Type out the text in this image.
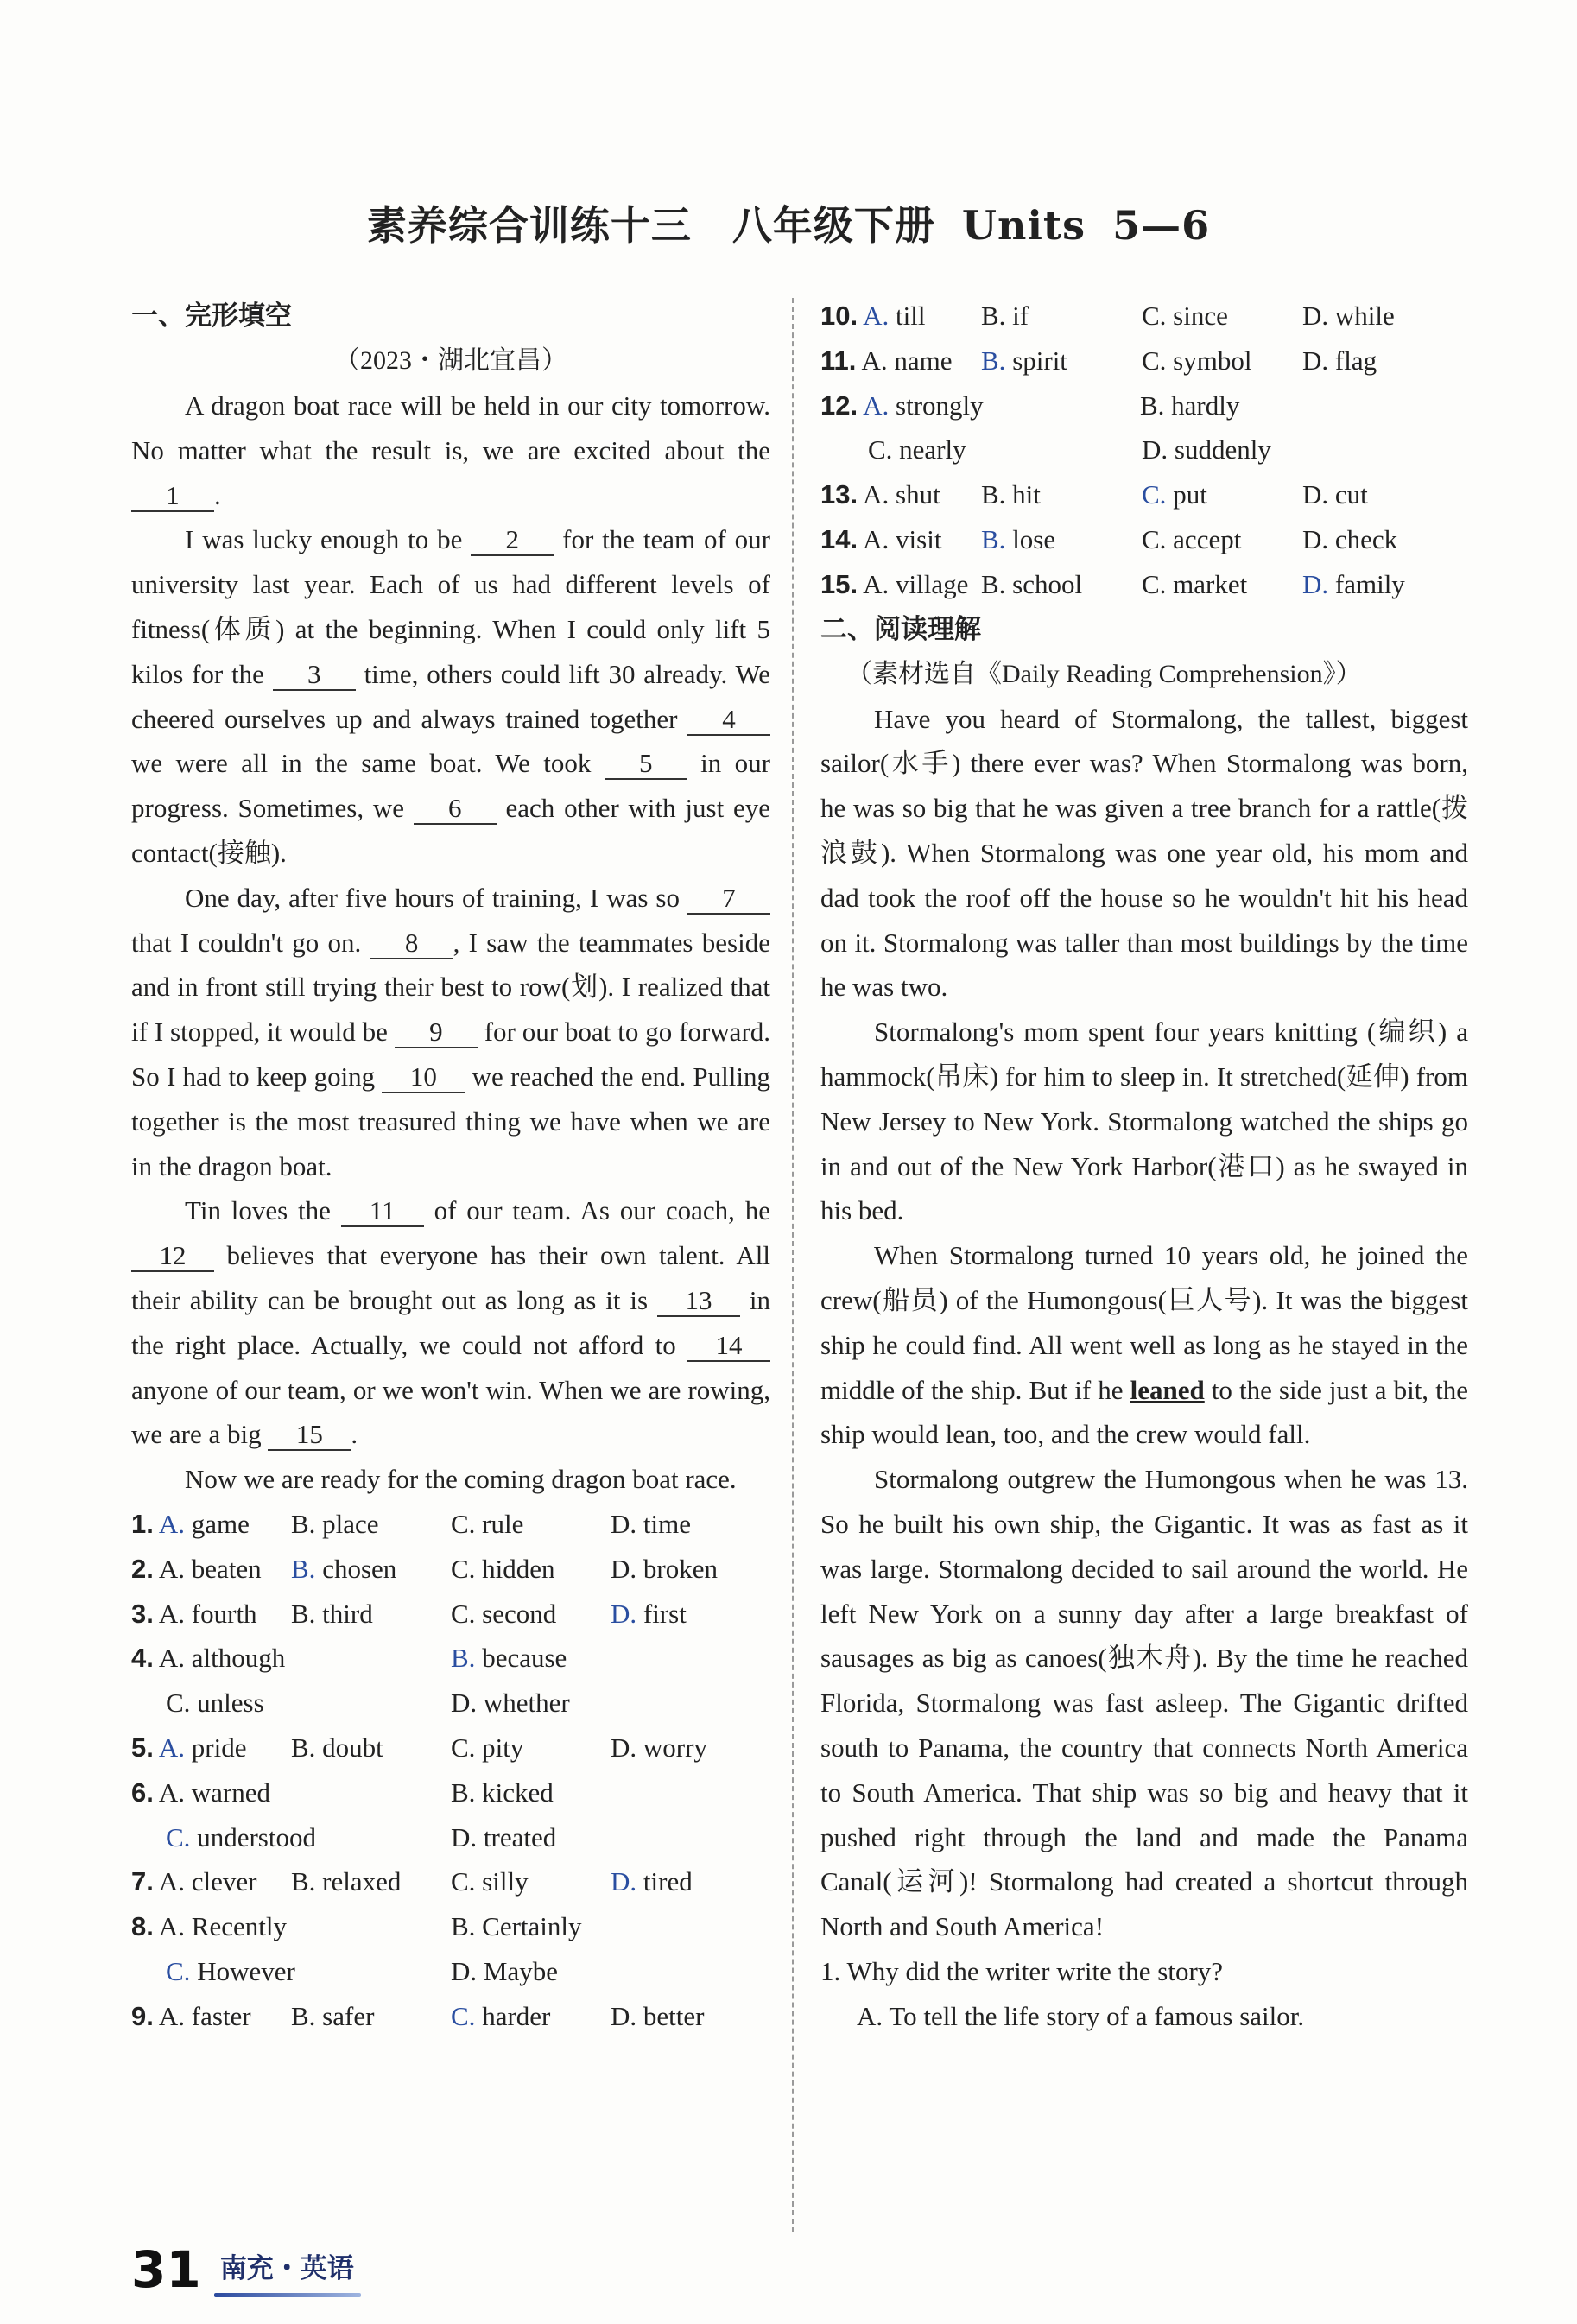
素养综合训练十三　八年级下册 Units 5—6
一、完形填空
（2023・湖北宜昌）

A dragon boat race will be held in our city tomorrow. No matter what the result is, we are excited about the 1 .

I was lucky enough to be 2 for the team of our university last year. Each of us had different levels of fitness(体质) at the beginning. When I could only lift 5 kilos for the 3 time, others could lift 30 already. We cheered ourselves up and always trained together 4 we were all in the same boat. We took 5 in our progress. Sometimes, we 6 each other with just eye contact(接触).

One day, after five hours of training, I was so 7 that I couldn't go on. 8 , I saw the teammates beside and in front still trying their best to row(划). I realized that if I stopped, it would be 9 for our boat to go forward. So I had to keep going 10 we reached the end. Pulling together is the most treasured thing we have when we are in the dragon boat.

Tin loves the 11 of our team. As our coach, he 12 believes that everyone has their own talent. All their ability can be brought out as long as it is 13 in the right place. Actually, we could not afford to 14 anyone of our team, or we won't win. When we are rowing, we are a big 15 .

Now we are ready for the coming dragon boat race.

1. A. game	B. place	C. rule	D. time
2. A. beaten	B. chosen	C. hidden	D. broken
3. A. fourth	B. third	C. second	D. first
4. A. although	B. because
C. unless	D. whether
5. A. pride	B. doubt	C. pity	D. worry
6. A. warned	B. kicked
C. understood	D. treated
7. A. clever	B. relaxed	C. silly	D. tired
8. A. Recently	B. Certainly
C. However	D. Maybe
9. A. faster	B. safer	C. harder	D. better
10. A. till	B. if	C. since	D. while
11. A. name	B. spirit	C. symbol	D. flag
12. A. strongly	B. hardly
C. nearly	D. suddenly
13. A. shut	B. hit	C. put	D. cut
14. A. visit	B. lose	C. accept	D. check
15. A. village B. school	C. market	D. family
二、阅读理解
（素材选自《Daily Reading Comprehension》）

Have you heard of Stormalong, the tallest, biggest sailor(水手) there ever was? When Stormalong was born, he was so big that he was given a tree branch for a rattle(拨浪鼓). When Stormalong was one year old, his mom and dad took the roof off the house so he wouldn't hit his head on it. Stormalong was taller than most buildings by the time he was two.

Stormalong's mom spent four years knitting (编织) a hammock(吊床) for him to sleep in. It stretched(延伸) from New Jersey to New York. Stormalong watched the ships go in and out of the New York Harbor(港口) as he swayed in his bed.

When Stormalong turned 10 years old, he joined the crew(船员) of the Humongous(巨人号). It was the biggest ship he could find. All went well as long as he stayed in the middle of the ship. But if he leaned to the side just a bit, the ship would lean, too, and the crew would fall.

Stormalong outgrew the Humongous when he was 13. So he built his own ship, the Gigantic. It was as fast as it was large. Stormalong decided to sail around the world. He left New York on a sunny day after a large breakfast of sausages as big as canoes(独木舟). By the time he reached Florida, Stormalong was fast asleep. The Gigantic drifted south to Panama, the country that connects North America to South America. That ship was so big and heavy that it pushed right through the land and made the Panama Canal(运河)! Stormalong had created a shortcut through North and South America!

1. Why did the writer write the story?
A. To tell the life story of a famous sailor.
31 南充・英语
